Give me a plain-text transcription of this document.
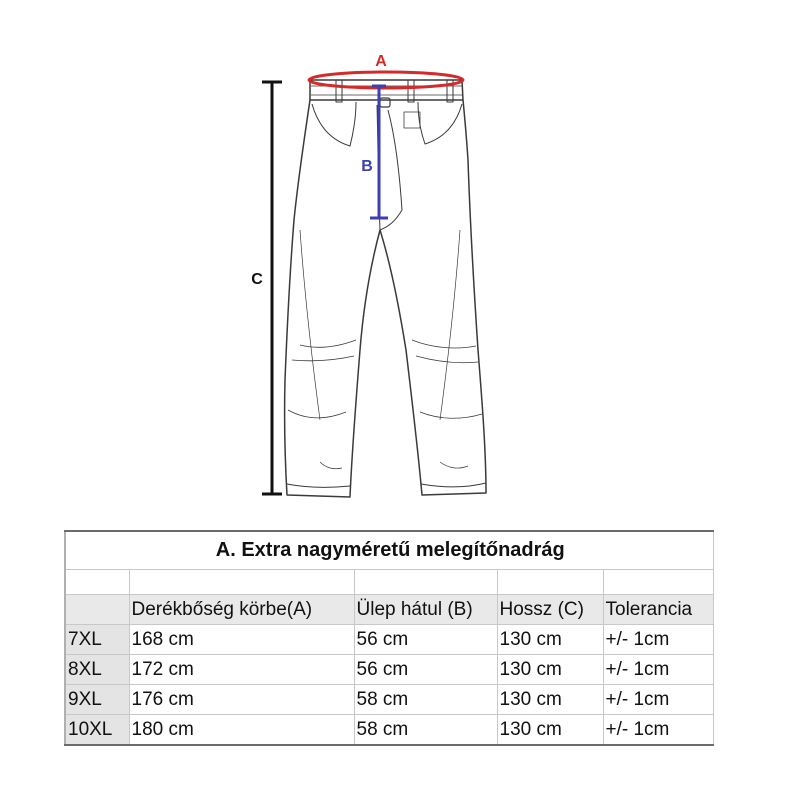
A
B
C
A. Extra nagyméretű melegítőnadrág				

	Derékbőség körbe(A)	Ülep hátul (B)	Hossz (C)	Tolerancia
7XL	168 cm	56 cm	130 cm	+/- 1cm
8XL	172 cm	56 cm	130 cm	+/- 1cm
9XL	176 cm	58 cm	130 cm	+/- 1cm
10XL	180 cm	58 cm	130 cm	+/- 1cm
